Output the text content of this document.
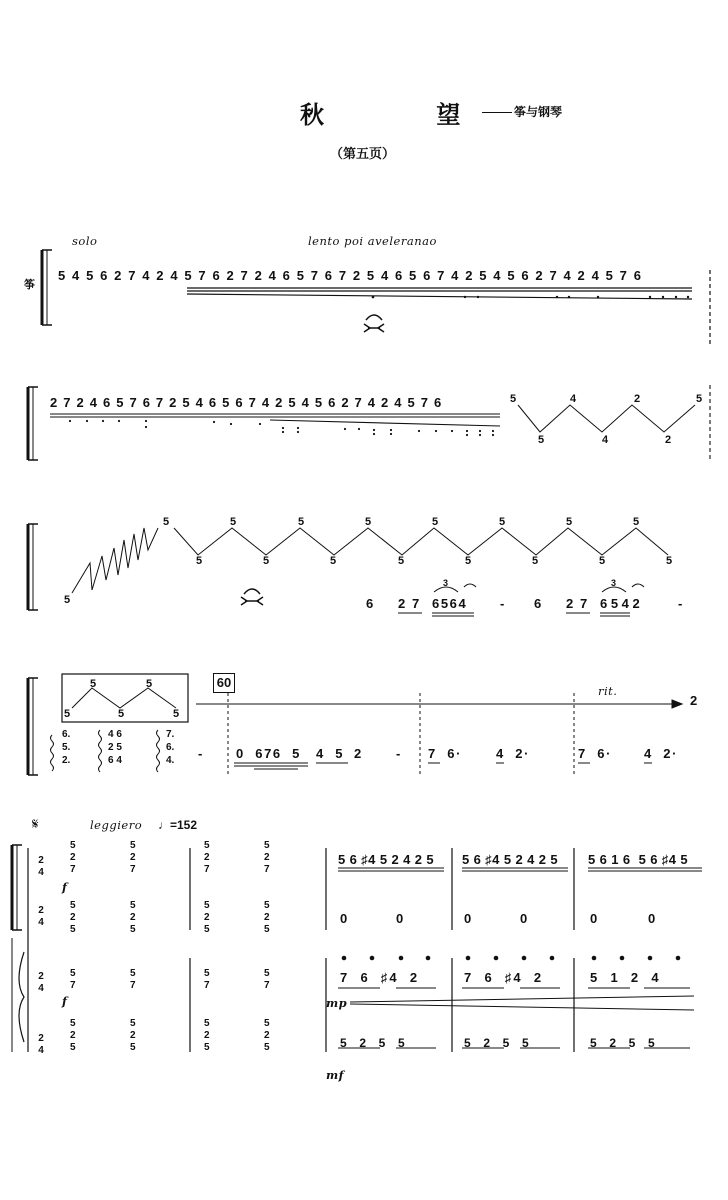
秋 望 筝与钢琴
（第五页）
solo	lento poi aveleranao
筝
5 4 5 6 2 7 4 2 4 5 7 6 2 7 2 4 6 5 7 6 7 2 5 4 6 5 6 7 4 2 5 4 5 6 2 7 4 2 4 5 7 6
2 7 2 4 6 5 7 6 7 2 5 4 6 5 6 7 4 2 5 4 5 6 2 7 4 2 4 5 7 6	5	4	2	5
5	4	2
5
5	5	5	5	5	5	5	5
5	5	5	5	5	5	5	5
6 2 7 6564	- 6 2 7 6 5 4 2	-
3	3
5	5
5	5	5
60
rit.
2
6.
5.
2.
4 6
2 5
6 4
7.
6.
4. - 0  676  5 4  5 2	- 7  6·	4  2·	7  6· 4  2·
𝄋	leggiero ♩=152
2
4
2
4
2
4
2
4
5
2
7
5
2
7
5
2
7
5
2
7
5
2
5
5
2
5
5
2
5
5
2
5
5
7
5
7
5
7
5
7
5
2
5
5
2
5
5
2
5
5
2
5
f
f	mp
mf
5 6 ♯4 5 2 4 2 5 5 6 ♯4 5 2 4 2 5 5 6 1 6  5 6 ♯4 5
0	0	0	0	0	0
7  6  ♯4  2	7  6  ♯4  2	5  1  2  4
5  2  5  5	5  2  5  5	5  2  5  5
